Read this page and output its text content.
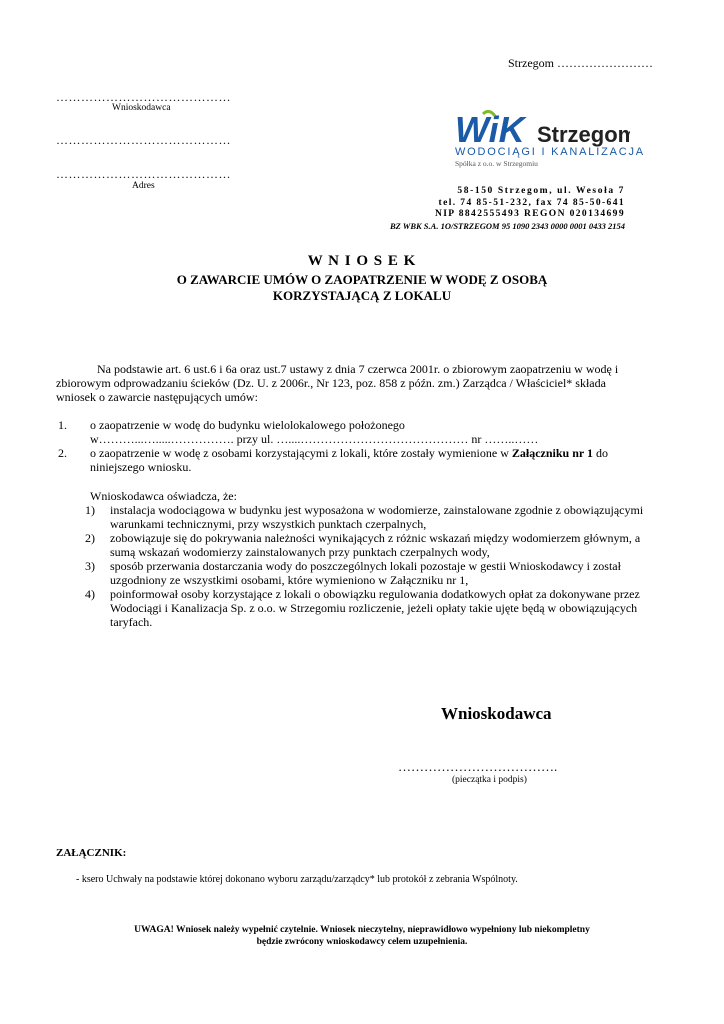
Strzegom ……………………
……………………………………
Wnioskodawca
……………………………………
……………………………………
Adres
WiK Strzegom
WODOCIĄGI I KANALIZACJA
Spółka z o.o. w Strzegomiu
58-150 Strzegom, ul. Wesoła 7
tel. 74 85-51-232, fax 74 85-50-641
NIP 8842555493 REGON 020134699
BZ WBK S.A. 1O/STRZEGOM 95 1090 2343 0000 0001 0433 2154
W N I O S E K
O ZAWARCIE UMÓW O ZAOPATRZENIE W WODĘ Z OSOBĄ
KORZYSTAJĄCĄ Z LOKALU
Na podstawie art. 6 ust.6 i 6a oraz ust.7 ustawy z dnia 7 czerwca 2001r. o zbiorowym zaopatrzeniu w wodę i
zbiorowym odprowadzaniu ścieków (Dz. U. z 2006r., Nr 123, poz. 858 z późn. zm.) Zarządca / Właściciel* składa
wniosek o zawarcie następujących umów:
1. o zaopatrzenie w wodę do budynku wielolokalowego położonego
w………...….....……………. przy ul. …....…………………………………… nr ……..……
2. o zaopatrzenie w wodę z osobami korzystającymi z lokali, które zostały wymienione w Załączniku nr 1 do
niniejszego wniosku.
Wnioskodawca oświadcza, że:
1) instalacja wodociągowa w budynku jest wyposażona w wodomierze, zainstalowane zgodnie z obowiązującymi
warunkami technicznymi, przy wszystkich punktach czerpalnych,
2) zobowiązuje się do pokrywania należności wynikających z różnic wskazań między wodomierzem głównym, a
sumą wskazań wodomierzy zainstalowanych przy punktach czerpalnych wody,
3) sposób przerwania dostarczania wody do poszczególnych lokali pozostaje w gestii Wnioskodawcy i został
uzgodniony ze wszystkimi osobami, które wymieniono w Załączniku nr 1,
4) poinformował osoby korzystające z lokali o obowiązku regulowania dodatkowych opłat za dokonywane przez
Wodociągi i Kanalizacja Sp. z o.o. w Strzegomiu rozliczenie, jeżeli opłaty takie ujęte będą w obowiązujących
taryfach.
Wnioskodawca
……………………………….
(pieczątka i podpis)
ZAŁĄCZNIK:
- ksero Uchwały na podstawie której dokonano wyboru zarządu/zarządcy* lub protokół z zebrania Wspólnoty.
UWAGA! Wniosek należy wypełnić czytelnie. Wniosek nieczytelny, nieprawidłowo wypełniony lub niekompletny
będzie zwrócony wnioskodawcy celem uzupełnienia.
